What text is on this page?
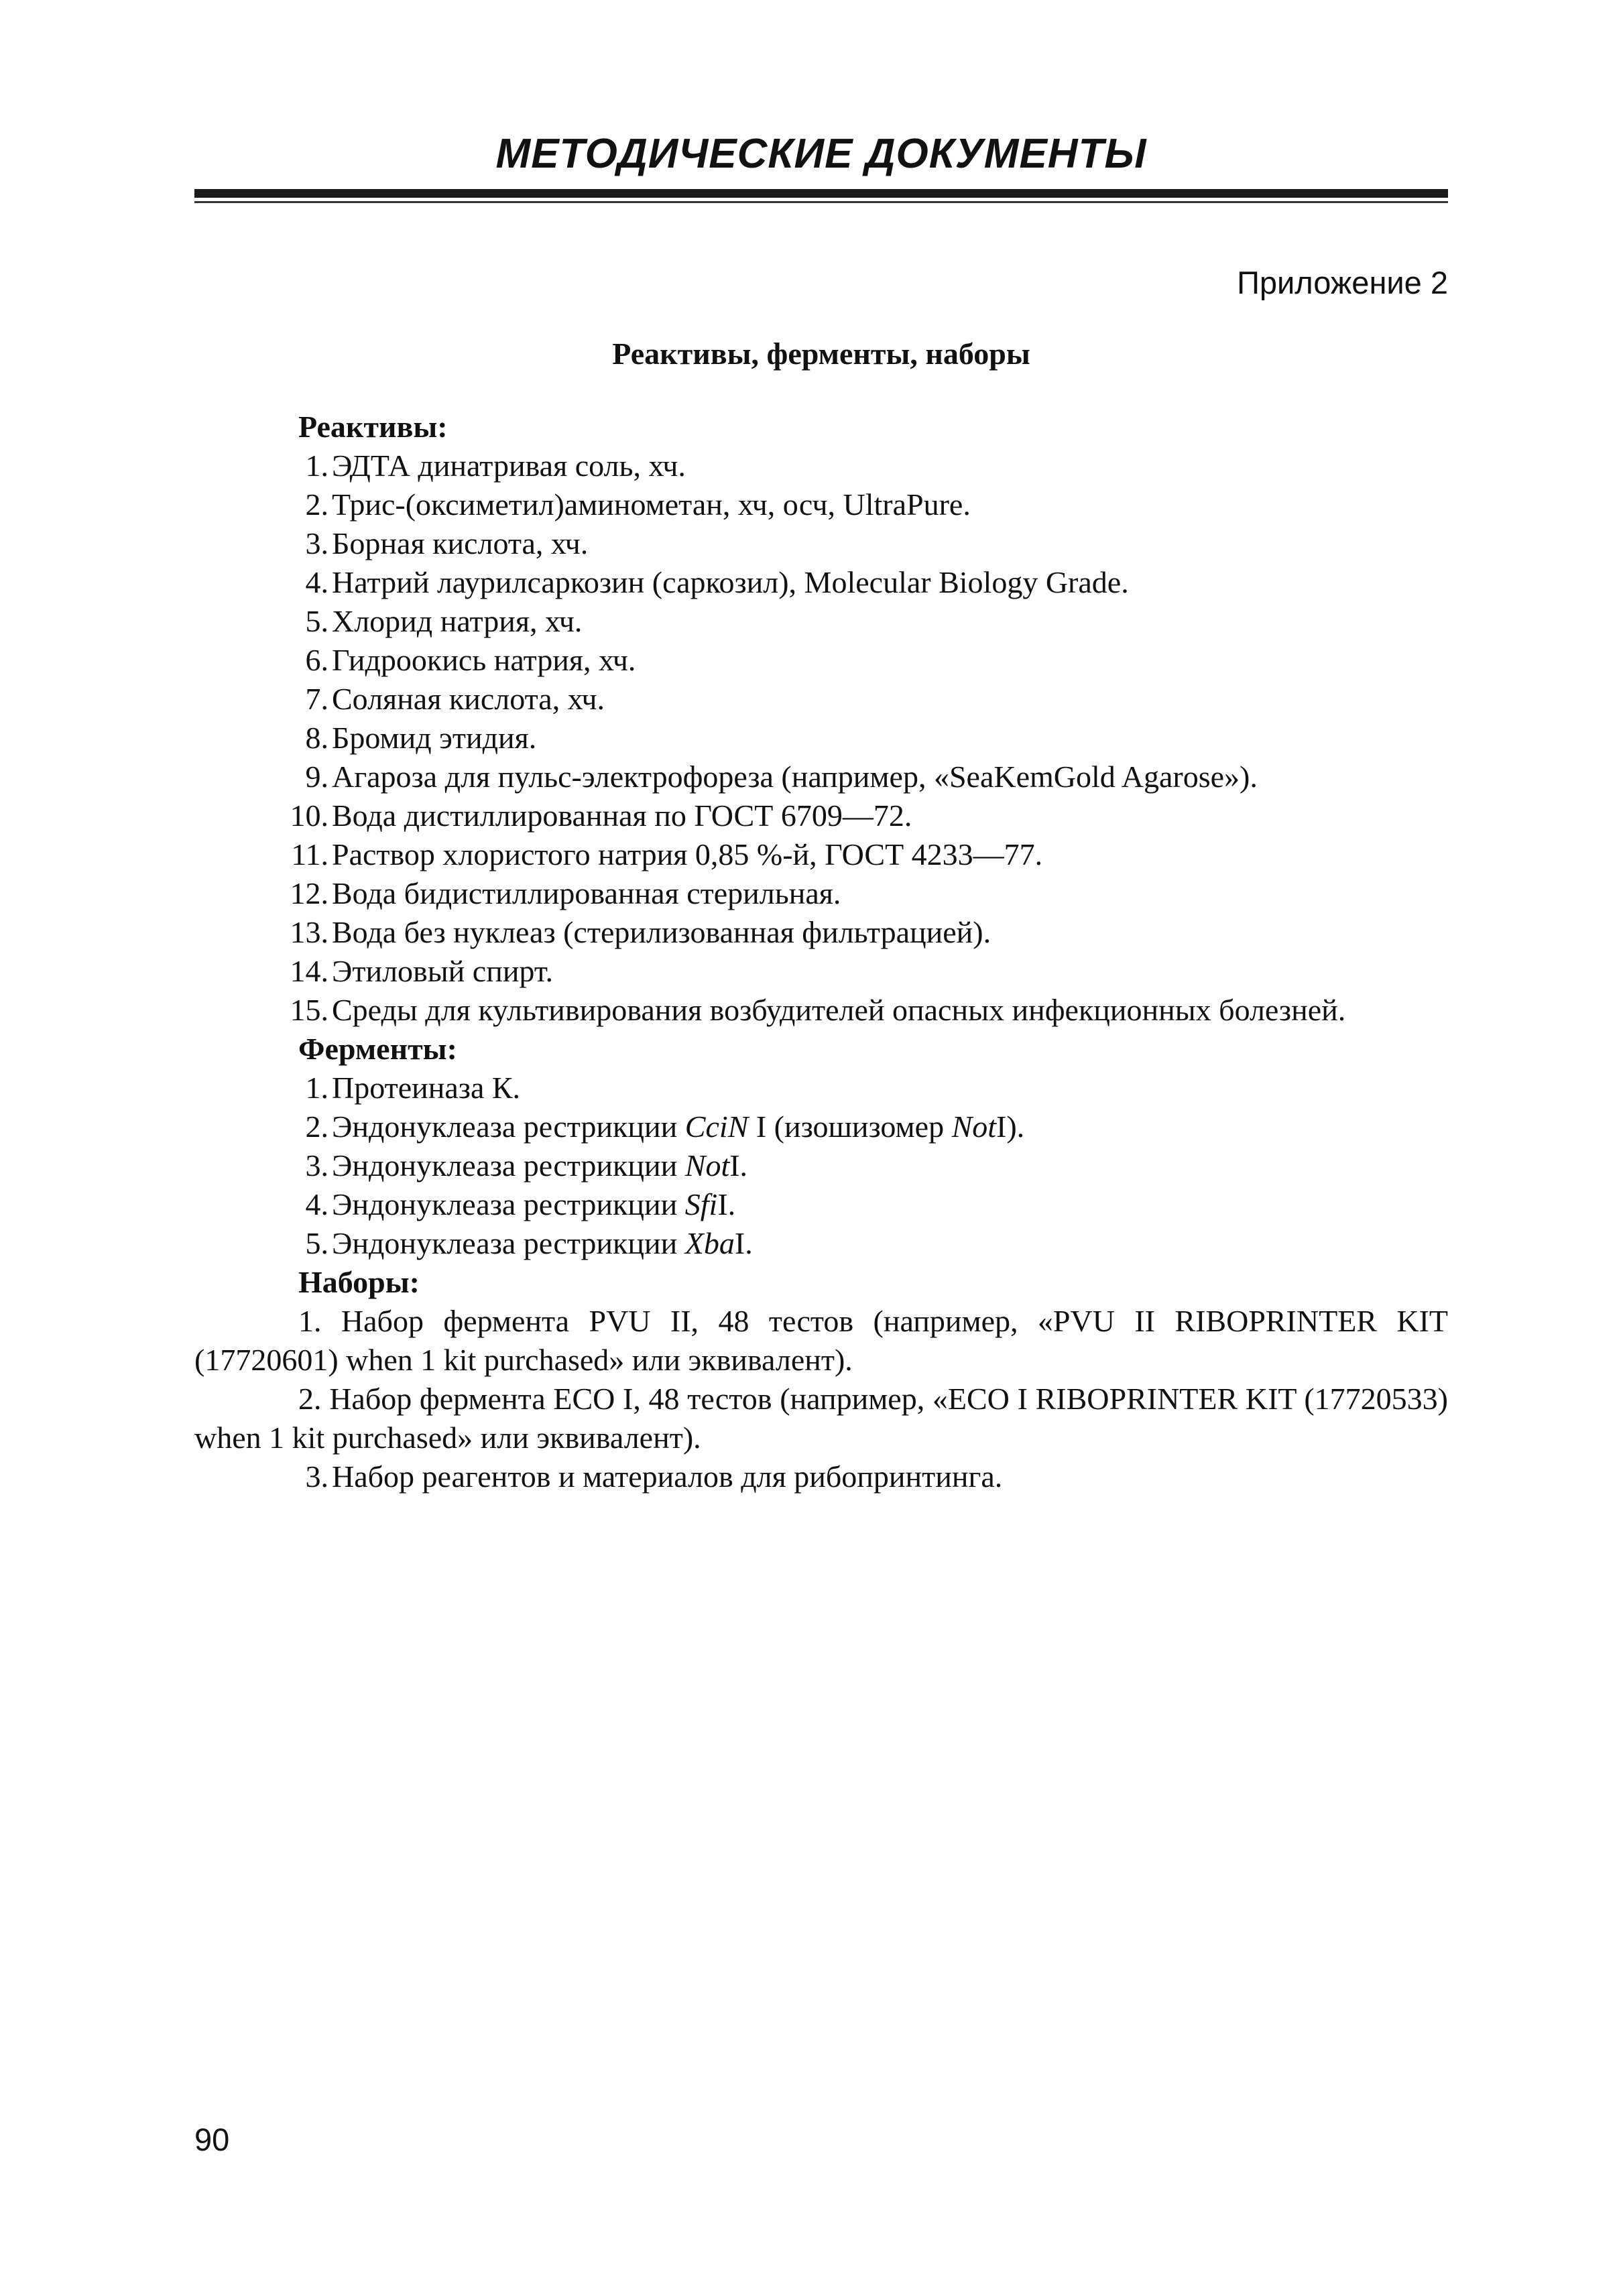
МЕТОДИЧЕСКИЕ ДОКУМЕНТЫ
Приложение 2
Реактивы, ферменты, наборы
Реактивы:
1. ЭДТА динатривая соль, хч.
2. Трис-(оксиметил)аминометан, хч, осч, UltraPure.
3. Борная кислота, хч.
4. Натрий лаурилсаркозин (саркозил), Molecular Biology Grade.
5. Хлорид натрия, хч.
6. Гидроокись натрия, хч.
7. Соляная кислота, хч.
8. Бромид этидия.
9. Агароза для пульс-электрофореза (например, «SeaKemGold Agarose»).
10. Вода дистиллированная по ГОСТ 6709—72.
11. Раствор хлористого натрия 0,85 %-й, ГОСТ 4233—77.
12. Вода бидистиллированная стерильная.
13. Вода без нуклеаз (стерилизованная фильтрацией).
14. Этиловый спирт.
15. Среды для культивирования возбудителей опасных инфекционных болезней.
Ферменты:
1. Протеиназа К.
2. Эндонуклеаза рестрикции CciN I (изошизомер NotI).
3. Эндонуклеаза рестрикции NotI.
4. Эндонуклеаза рестрикции SfiI.
5. Эндонуклеаза рестрикции XbaI.
Наборы:
1. Набор фермента PVU II, 48 тестов (например, «PVU II RIBOPRINTER KIT (17720601) when 1 kit purchased» или эквивалент).
2. Набор фермента ECO I, 48 тестов (например, «ECO I RIBOPRINTER KIT (17720533) when 1 kit purchased» или эквивалент).
3. Набор реагентов и материалов для рибопринтинга.
90
